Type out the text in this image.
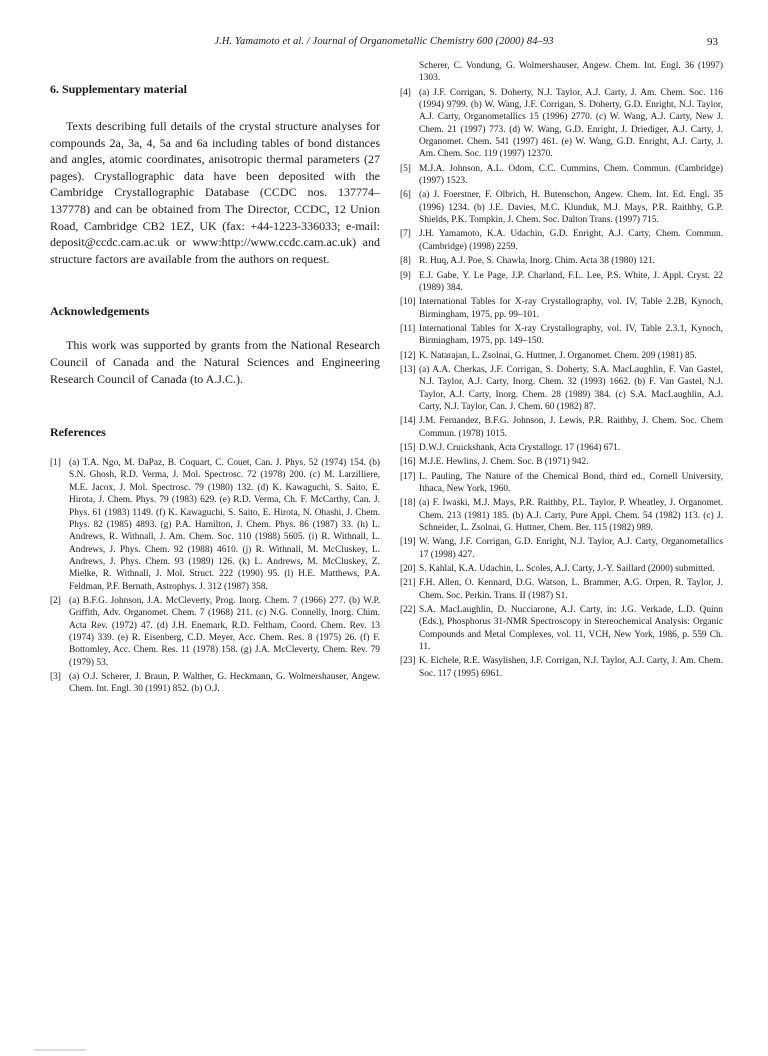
J.H. Yamamoto et al. / Journal of Organometallic Chemistry 600 (2000) 84–93	93
6. Supplementary material

Texts describing full details of the crystal structure analyses for compounds 2a, 3a, 4, 5a and 6a including tables of bond distances and angles, atomic coordinates, anisotropic thermal parameters (27 pages). Crystallographic data have been deposited with the Cambridge Crystallographic Database (CCDC nos. 137774–137778) and can be obtained from The Director, CCDC, 12 Union Road, Cambridge CB2 1EZ, UK (fax: +44-1223-336033; e-mail: deposit@ccdc.cam.ac.uk or www:http://www.ccdc.cam.ac.uk) and structure factors are available from the authors on request.

Acknowledgements

This work was supported by grants from the National Research Council of Canada and the Natural Sciences and Engineering Research Council of Canada (to A.J.C.).

References
[1] (a) T.A. Ngo, M. DaPaz, B. Coquart, C. Couet, Can. J. Phys. 52 (1974) 154. (b) S.N. Ghosh, R.D. Verma, J. Mol. Spectrosc. 72 (1978) 200. (c) M. Larzilliere, M.E. Jacox, J. Mol. Spectrosc. 79 (1980) 132. (d) K. Kawaguchi, S. Saito, E. Hirota, J. Chem. Phys. 79 (1983) 629. (e) R.D. Verma, Ch. F. McCarthy, Can. J. Phys. 61 (1983) 1149. (f) K. Kawaguchi, S. Saito, E. Hirota, N. Ohashi, J. Chem. Phys. 82 (1985) 4893. (g) P.A. Hamilton, J. Chem. Phys. 86 (1987) 33. (h) L. Andrews, R. Withnall, J. Am. Chem. Soc. 110 (1988) 5605. (i) R. Withnall, L. Andrews, J. Phys. Chem. 92 (1988) 4610. (j) R. Withnall, M. McCluskey, L. Andrews, J. Phys. Chem. 93 (1989) 126. (k) L. Andrews, M. McCluskey, Z. Mielke, R. Withnall, J. Mol. Struct. 222 (1990) 95. (l) H.E. Matthews, P.A. Feldman, P.F. Bernath, Astrophys. J. 312 (1987) 358.
[2] (a) B.F.G. Johnson, J.A. McCleverty, Prog. Inorg. Chem. 7 (1966) 277. (b) W.P. Griffith, Adv. Organomet. Chem. 7 (1968) 211. (c) N.G. Connelly, Inorg. Chim. Acta Rev. (1972) 47. (d) J.H. Enemark, R.D. Feltham, Coord. Chem. Rev. 13 (1974) 339. (e) R. Eisenberg, C.D. Meyer, Acc. Chem. Res. 8 (1975) 26. (f) F. Bottomley, Acc. Chem. Res. 11 (1978) 158. (g) J.A. McCleverty, Chem. Rev. 79 (1979) 53.
[3] (a) O.J. Scherer, J. Braun, P. Walther, G. Heckmann, G. Wolmershauser, Angew. Chem. Int. Engl. 30 (1991) 852. (b) O.J.
Scherer, C. Vondung, G. Wolmershauser, Angew. Chem. Int. Engl. 36 (1997) 1303.
[4] (a) J.F. Corrigan, S. Doherty, N.J. Taylor, A.J. Carty, J. Am. Chem. Soc. 116 (1994) 9799. (b) W. Wang, J.F. Corrigan, S. Doherty, G.D. Enright, N.J. Taylor, A.J. Carty, Organometallics 15 (1996) 2770. (c) W. Wang, A.J. Carty, New J. Chem. 21 (1997) 773. (d) W. Wang, G.D. Enright, J. Driediger, A.J. Carty, J. Organomet. Chem. 541 (1997) 461. (e) W. Wang, G.D. Enright, A.J. Carty, J. Am. Chem. Soc. 119 (1997) 12370.
[5] M.J.A. Johnson, A.L. Odom, C.C. Cummins, Chem. Commun. (Cambridge) (1997) 1523.
[6] (a) J. Foerstner, F. Olbrich, H. Butenschon, Angew. Chem. Int. Ed. Engl. 35 (1996) 1234. (b) J.E. Davies, M.C. Klunduk, M.J. Mays, P.R. Raithby, G.P. Shields, P.K. Tompkin, J. Chem. Soc. Dalton Trans. (1997) 715.
[7] J.H. Yamamoto, K.A. Udachin, G.D. Enright, A.J. Carty, Chem. Commun. (Cambridge) (1998) 2259.
[8] R. Huq, A.J. Poe, S. Chawla, Inorg. Chim. Acta 38 (1980) 121.
[9] E.J. Gabe, Y. Le Page, J.P. Charland, F.L. Lee, P.S. White, J. Appl. Cryst. 22 (1989) 384.
[10] International Tables for X-ray Crystallography, vol. IV, Table 2.2B, Kynoch, Birmingham, 1975, pp. 99–101.
[11] International Tables for X-ray Crystallography, vol. IV, Table 2.3.1, Kynoch, Birmingham, 1975, pp. 149–150.
[12] K. Natarajan, L. Zsolnai, G. Huttner, J. Organomet. Chem. 209 (1981) 85.
[13] (a) A.A. Cherkas, J.F. Corrigan, S. Doherty, S.A. MacLaughlin, F. Van Gastel, N.J. Taylor, A.J. Carty, Inorg. Chem. 32 (1993) 1662. (b) F. Van Gastel, N.J. Taylor, A.J. Carty, Inorg. Chem. 28 (1989) 384. (c) S.A. MacLaughlin, A.J. Carty, N.J. Taylor, Can. J. Chem. 60 (1982) 87.
[14] J.M. Fernandez, B.F.G. Johnson, J. Lewis, P.R. Raithby, J. Chem. Soc. Chem Commun. (1978) 1015.
[15] D.W.J. Cruickshank, Acta Crystallogr. 17 (1964) 671.
[16] M.J.E. Hewlins, J. Chem. Soc. B (1971) 942.
[17] L. Pauling, The Nature of the Chemical Bond, third ed., Cornell University, Ithaca, New York, 1960.
[18] (a) F. Iwaski, M.J. Mays, P.R. Raithby, P.L. Taylor, P. Wheatley, J. Organomet. Chem. 213 (1981) 185. (b) A.J. Carty, Pure Appl. Chem. 54 (1982) 113. (c) J. Schneider, L. Zsolnai, G. Huttner, Chem. Ber. 115 (1982) 989.
[19] W. Wang, J.F. Corrigan, G.D. Enright, N.J. Taylor, A.J. Carty, Organometallics 17 (1998) 427.
[20] S. Kahlal, K.A. Udachin, L. Scoles, A.J. Carty, J.-Y. Saillard (2000) submitted.
[21] F.H. Allen, O. Kennard, D.G. Watson, L. Brammer, A.G. Orpen, R. Taylor, J. Chem. Soc. Perkin. Trans. II (1987) S1.
[22] S.A. MacLaughlin, D. Nucciarone, A.J. Carty, in: J.G. Verkade, L.D. Quinn (Eds.), Phosphorus 31-NMR Spectroscopy in Stereochemical Analysis: Organic Compounds and Metal Complexes, vol. 11, VCH, New York, 1986, p. 559 Ch. 11.
[23] K. Eichele, R.E. Wasylishen, J.F. Corrigan, N.J. Taylor, A.J. Carty, J. Am. Chem. Soc. 117 (1995) 6961.
